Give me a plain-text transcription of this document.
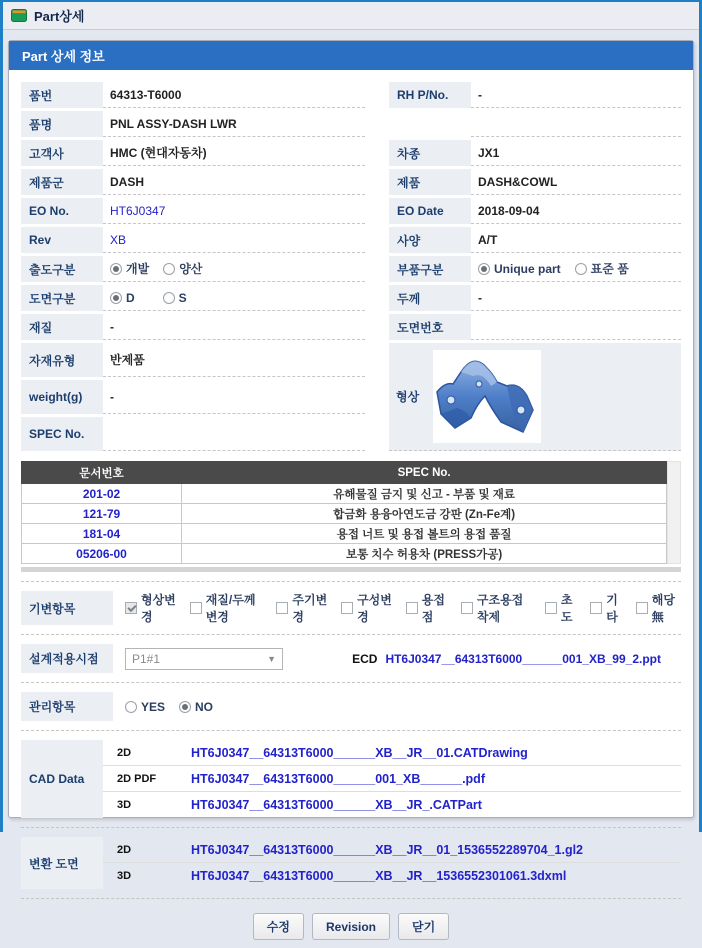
Part상세
Part 상세 정보
품번	64313-T6000	RH P/No.	-
품명	PNL ASSY-DASH LWR
고객사	HMC (현대자동차)	차종	JX1
제품군	DASH	제품	DASH&COWL
EO No.	HT6J0347	EO Date	2018-09-04
Rev	XB	사양	A/T
출도구분	개발	양산	부품구분	Unique part	표준 품
도면구분	D	S	두께	-
재질	-	도면번호
자재유형	반제품
형상
weight(g)	-
SPEC No.
문서번호	SPEC No.
201-02	유해물질 금지 및 신고 - 부품 및 재료
121-79	합금화 용융아연도금 강판 (Zn-Fe계)
181-04	용접 너트 및 용접 볼트의 용접 품질
05206-00	보통 치수 허용차 (PRESS가공)
기변항목
형상변경
재질/두께변경
주기변경
구성변경
용접점
구조용접착제
초도
기타
해당 無
설계적용시점	P1#1	▼	ECD HT6J0347__64313T6000______001_XB_99_2.ppt
관리항목	YES	NO
CAD Data
2D	HT6J0347__64313T6000______XB__JR__01.CATDrawing
2D PDF	HT6J0347__64313T6000______001_XB______.pdf
3D	HT6J0347__64313T6000______XB__JR_.CATPart
변환 도면
2D	HT6J0347__64313T6000______XB__JR__01_1536552289704_1.gl2
3D	HT6J0347__64313T6000______XB__JR__1536552301061.3dxml
수정	Revision	닫기
